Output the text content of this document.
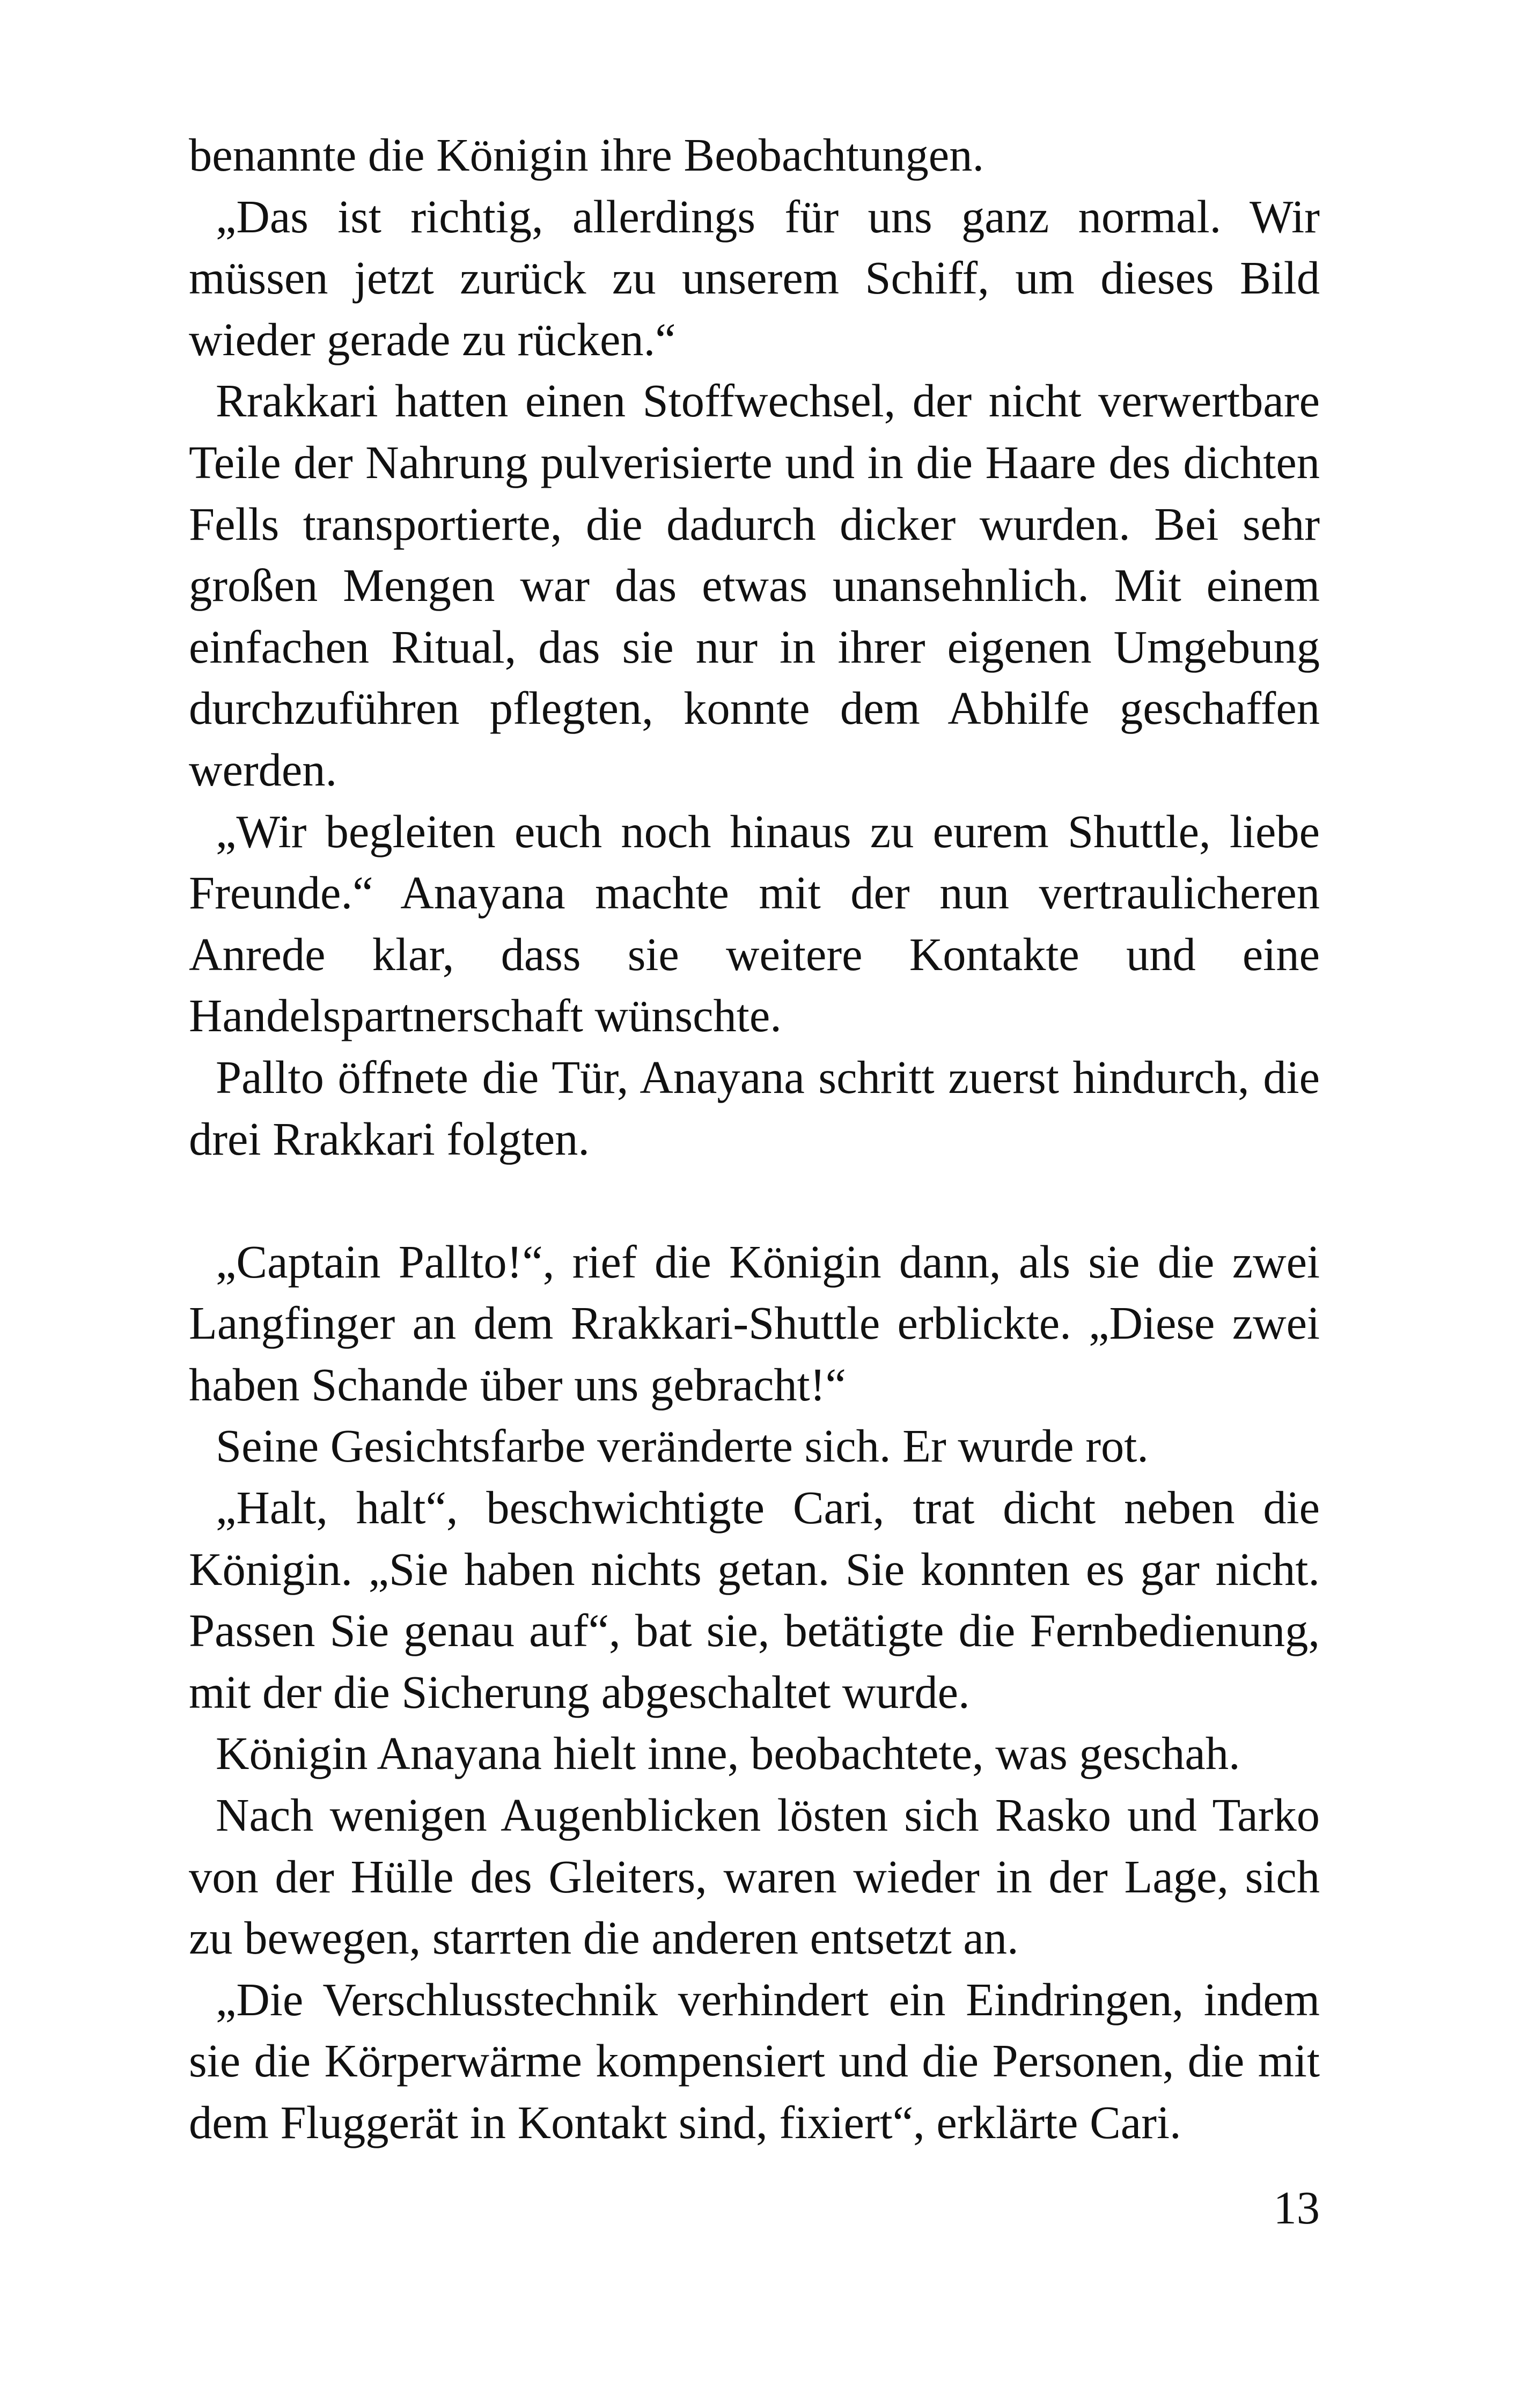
benannte die Königin ihre Beobachtungen.

„Das ist richtig, allerdings für uns ganz normal. Wir müssen jetzt zurück zu unserem Schiff, um dieses Bild wieder gerade zu rücken.“

Rrakkari hatten einen Stoffwechsel, der nicht verwertbare Teile der Nahrung pulverisierte und in die Haare des dichten Fells transportierte, die dadurch dicker wurden. Bei sehr großen Mengen war das etwas unansehnlich. Mit einem einfachen Ritual, das sie nur in ihrer eigenen Umgebung durchzuführen pflegten, konnte dem Abhilfe geschaffen werden.

„Wir begleiten euch noch hinaus zu eurem Shuttle, liebe Freunde.“ Anayana machte mit der nun vertraulicheren Anrede klar, dass sie weitere Kontakte und eine Handelspartnerschaft wünschte.

Pallto öffnete die Tür, Anayana schritt zuerst hindurch, die drei Rrakkari folgten.

„Captain Pallto!“, rief die Königin dann, als sie die zwei Langfinger an dem Rrakkari-Shuttle erblickte. „Diese zwei haben Schande über uns gebracht!“

Seine Gesichtsfarbe veränderte sich. Er wurde rot.

„Halt, halt“, beschwichtigte Cari, trat dicht neben die Königin. „Sie haben nichts getan. Sie konnten es gar nicht. Passen Sie genau auf“, bat sie, betätigte die Fernbedienung, mit der die Sicherung abgeschaltet wurde.

Königin Anayana hielt inne, beobachtete, was geschah.

Nach wenigen Augenblicken lösten sich Rasko und Tarko von der Hülle des Gleiters, waren wieder in der Lage, sich zu bewegen, starrten die anderen entsetzt an.

„Die Verschlusstechnik verhindert ein Eindringen, indem sie die Körperwärme kompensiert und die Personen, die mit dem Fluggerät in Kontakt sind, fixiert“, erklärte Cari.

13
